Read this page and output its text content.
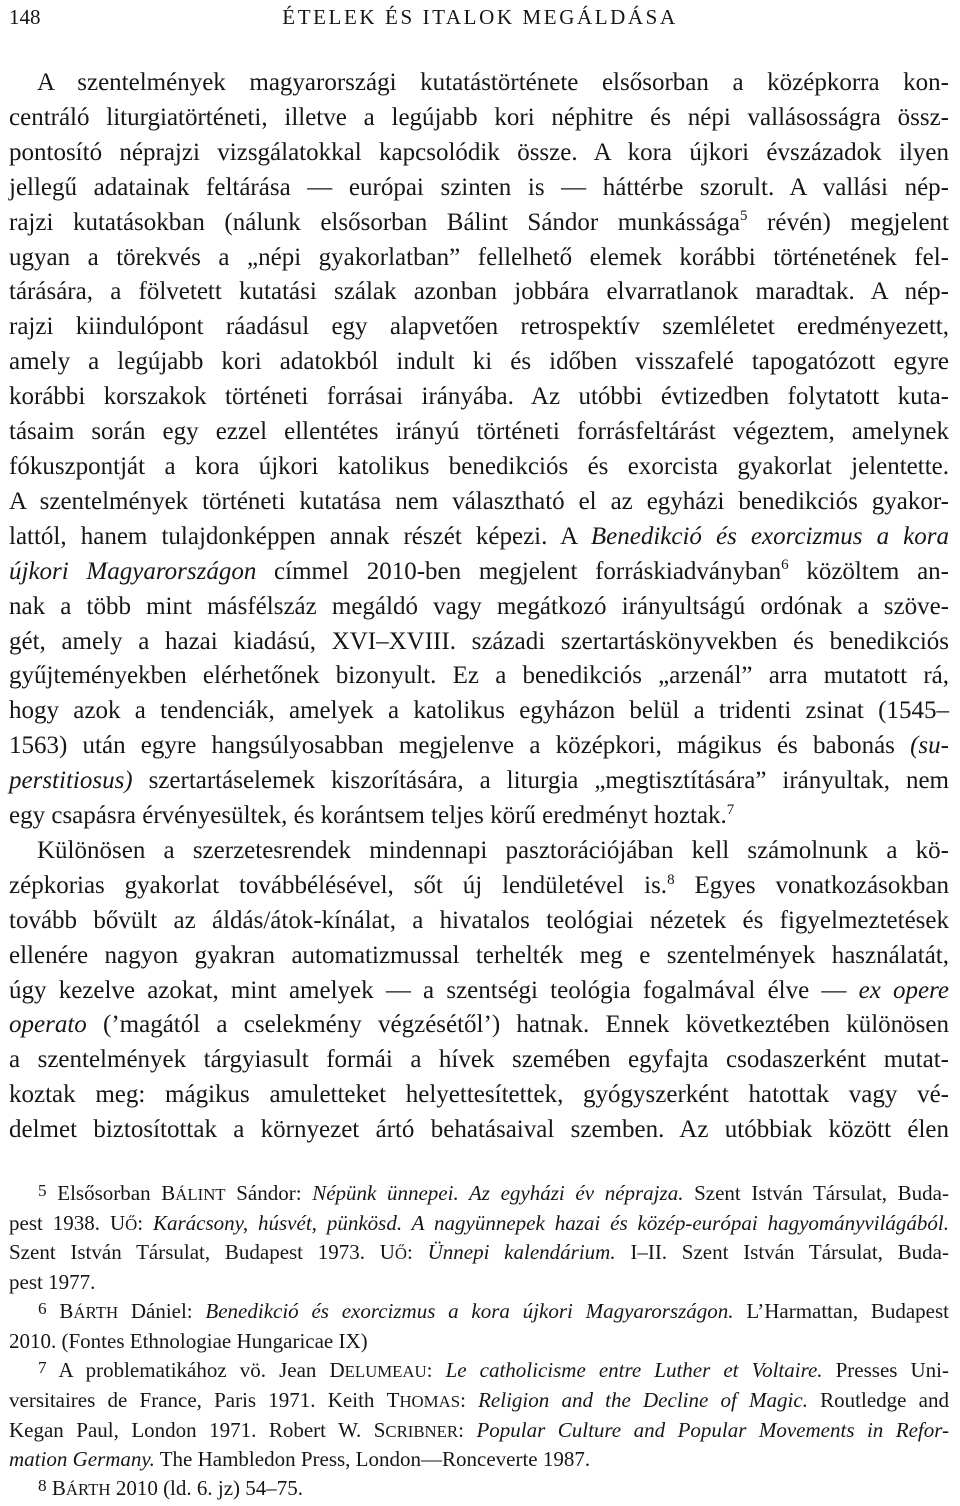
148	ÉTELEK ÉS ITALOK MEGÁLDÁSA
A szentelmények magyarországi kutatástörténete elsősorban a középkorra kon-
centráló liturgiatörténeti, illetve a legújabb kori néphitre és népi vallásosságra össz-
pontosító néprajzi vizsgálatokkal kapcsolódik össze. A kora újkori évszázadok ilyen
jellegű adatainak feltárása — európai szinten is — háttérbe szorult. A vallási nép-
rajzi kutatásokban (nálunk elsősorban Bálint Sándor munkássága$^5$ révén) megjelent
ugyan a törekvés a „népi gyakorlatban” fellelhető elemek korábbi történetének fel-
tárására, a fölvetett kutatási szálak azonban jobbára elvarratlanok maradtak. A nép-
rajzi kiindulópont ráadásul egy alapvetően retrospektív szemléletet eredményezett,
amely a legújabb kori adatokból indult ki és időben visszafelé tapogatózott egyre
korábbi korszakok történeti forrásai irányába. Az utóbbi évtizedben folytatott kuta-
tásaim során egy ezzel ellentétes irányú történeti forrásfeltárást végeztem, amelynek
fókuszpontját a kora újkori katolikus benedikciós és exorcista gyakorlat jelentette.
A szentelmények történeti kutatása nem választható el az egyházi benedikciós gyakor-
lattól, hanem tulajdonképpen annak részét képezi. A Benedikció és exorcizmus a kora
újkori Magyarországon címmel 2010-ben megjelent forráskiadványban$^6$ közöltem an-
nak a több mint másfélszáz megáldó vagy megátkozó irányultságú ordónak a szöve-
gét, amely a hazai kiadású, XVI–XVIII. századi szertartáskönyvekben és benedikciós
gyűjteményekben elérhetőnek bizonyult. Ez a benedikciós „arzenál” arra mutatott rá,
hogy azok a tendenciák, amelyek a katolikus egyházon belül a tridenti zsinat (1545–
1563) után egyre hangsúlyosabban megjelenve a középkori, mágikus és babonás (su-
perstitiosus) szertartáselemek kiszorítására, a liturgia „megtisztítására” irányultak, nem
egy csapásra érvényesültek, és korántsem teljes körű eredményt hoztak.$^7$
Különösen a szerzetesrendek mindennapi pasztorációjában kell számolnunk a kö-
zépkorias gyakorlat továbbélésével, sőt új lendületével is.$^8$ Egyes vonatkozásokban
tovább bővült az áldás/átok-kínálat, a hivatalos teológiai nézetek és figyelmeztetések
ellenére nagyon gyakran automatizmussal terhelték meg e szentelmények használatát,
úgy kezelve azokat, mint amelyek — a szentségi teológia fogalmával élve — ex opere
operato (’magától a cselekmény végzésétől’) hatnak. Ennek következtében különösen
a szentelmények tárgyiasult formái a hívek szemében egyfajta csodaszerként mutat-
koztak meg: mágikus amuletteket helyettesítettek, gyógyszerként hatottak vagy vé-
delmet biztosítottak a környezet ártó behatásaival szemben. Az utóbbiak között élen
5 Elsősorban BÁLINT Sándor: Népünk ünnepei. Az egyházi év néprajza. Szent István Társulat, Buda-
pest 1938. UŐ: Karácsony, húsvét, pünkösd. A nagyünnepek hazai és közép-európai hagyományvilágából.
Szent István Társulat, Budapest 1973. UŐ: Ünnepi kalendárium. I–II. Szent István Társulat, Buda-
pest 1977.
6 BÁRTH Dániel: Benedikció és exorcizmus a kora újkori Magyarországon. L’Harmattan, Budapest
2010. (Fontes Ethnologiae Hungaricae IX)
7 A problematikához vö. Jean DELUMEAU: Le catholicisme entre Luther et Voltaire. Presses Uni-
versitaires de France, Paris 1971. Keith THOMAS: Religion and the Decline of Magic. Routledge and
Kegan Paul, London 1971. Robert W. SCRIBNER: Popular Culture and Popular Movements in Refor-
mation Germany. The Hambledon Press, London—Ronceverte 1987.
8 BÁRTH 2010 (ld. 6. jz) 54–75.
